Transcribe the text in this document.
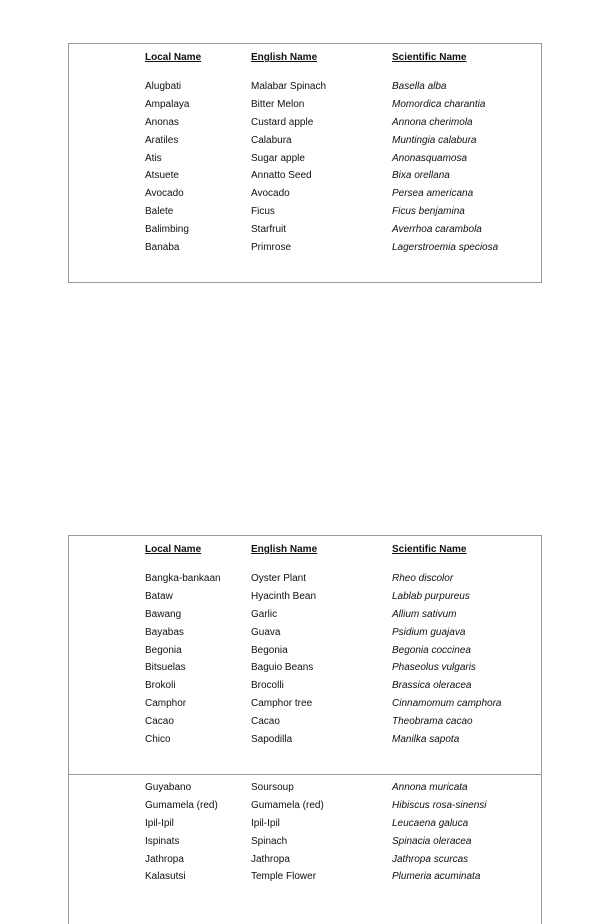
Local Name	English Name	Scientific Name
Alugbati	Malabar Spinach	Basella alba
Ampalaya	Bitter Melon	Momordica charantia
Anonas	Custard apple	Annona cherimola
Aratiles	Calabura	Muntingia calabura
Atis	Sugar apple	Anonasquamosa
Atsuete	Annatto Seed	Bixa orellana
Avocado	Avocado	Persea americana
Balete	Ficus	Ficus benjamina
Balimbing	Starfruit	Averrhoa carambola
Banaba	Primrose	Lagerstroemia speciosa
Local Name	English Name	Scientific Name
Bangka-bankaan	Oyster Plant	Rheo discolor
Bataw	Hyacinth Bean	Lablab purpureus
Bawang	Garlic	Allium sativum
Bayabas	Guava	Psidium guajava
Begonia	Begonia	Begonia coccinea
Bitsuelas	Baguio Beans	Phaseolus vulgaris
Brokoli	Brocolli	Brassica oleracea
Camphor	Camphor tree	Cinnamomum camphora
Cacao	Cacao	Theobrama cacao
Chico	Sapodilla	Manilka sapota
Guyabano	Soursoup	Annona muricata
Gumamela (red)	Gumamela (red)	Hibiscus rosa-sinensi
Ipil-Ipil	Ipil-Ipil	Leucaena galuca
Ispinats	Spinach	Spinacia oleracea
Jathropa	Jathropa	Jathropa scurcas
Kalasutsi	Temple Flower	Plumeria acuminata
